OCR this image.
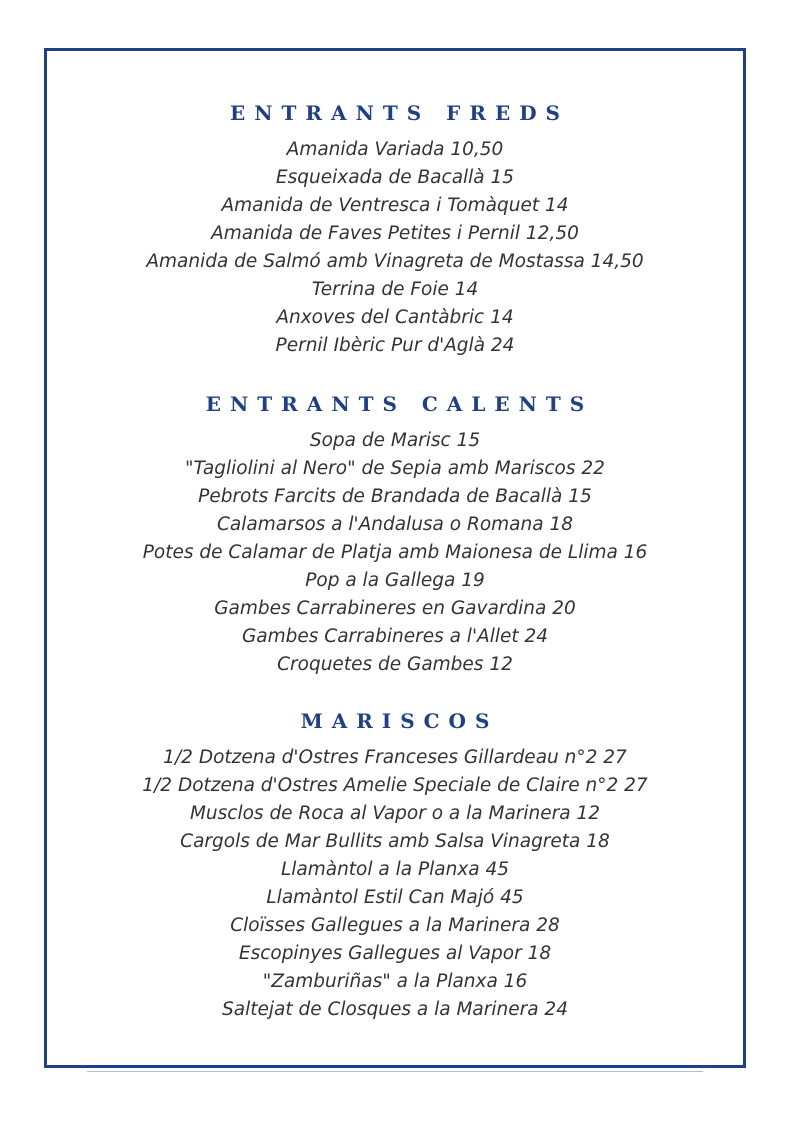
ENTRANTS FREDS
Amanida Variada 10,50
Esqueixada de Bacallà 15
Amanida de Ventresca i Tomàquet 14
Amanida de Faves Petites i Pernil 12,50
Amanida de Salmó amb Vinagreta de Mostassa 14,50
Terrina de Foie 14
Anxoves del Cantàbric 14
Pernil Ibèric Pur d'Aglà 24
ENTRANTS CALENTS
Sopa de Marisc 15
"Tagliolini al Nero" de Sepia amb Mariscos 22
Pebrots Farcits de Brandada de Bacallà 15
Calamarsos a l'Andalusa o Romana 18
Potes de Calamar de Platja amb Maionesa de Llima 16
Pop a la Gallega 19
Gambes Carrabineres en Gavardina 20
Gambes Carrabineres a l'Allet 24
Croquetes de Gambes 12
MARISCOS
1/2 Dotzena d'Ostres Franceses Gillardeau n°2 27
1/2 Dotzena d'Ostres Amelie Speciale de Claire n°2 27
Musclos de Roca al Vapor o a la Marinera 12
Cargols de Mar Bullits amb Salsa Vinagreta 18
Llamàntol a la Planxa 45
Llamàntol Estil Can Majó 45
Cloïsses Gallegues a la Marinera 28
Escopinyes Gallegues al Vapor 18
"Zamburiñas" a la Planxa 16
Saltejat de Closques a la Marinera 24
